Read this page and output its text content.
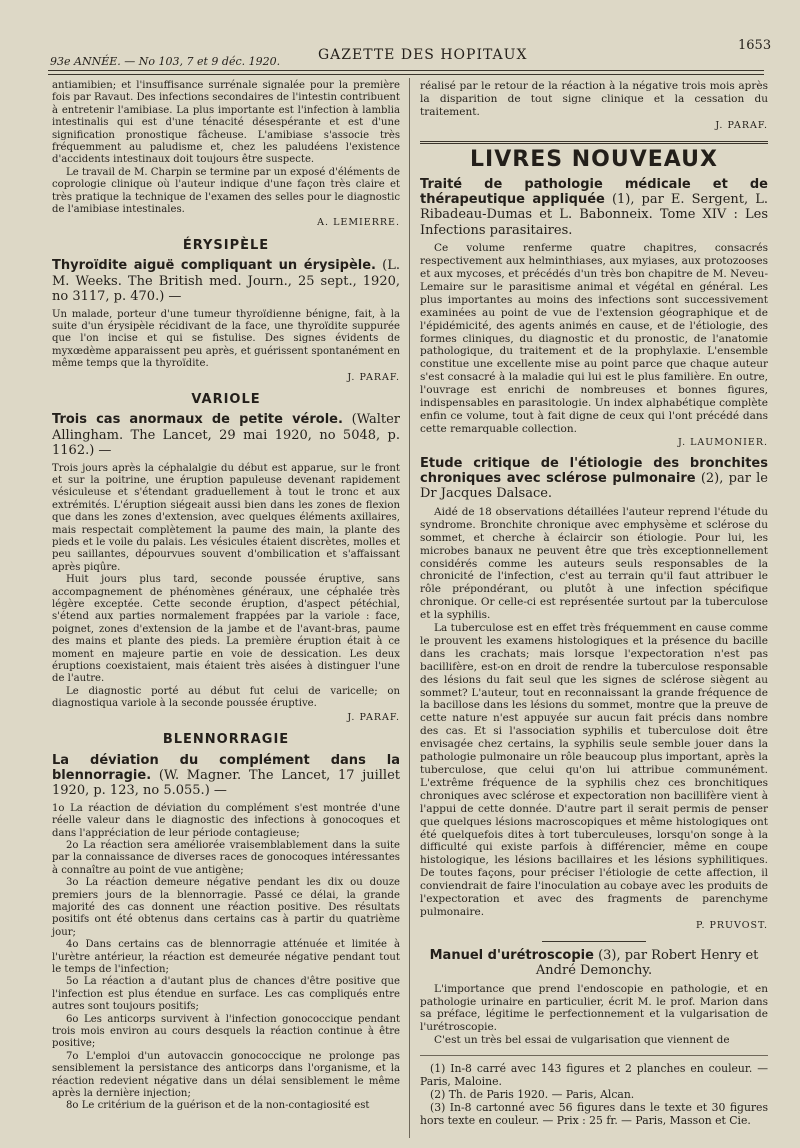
93e ANNÉE. — No 103, 7 et 9 déc. 1920.	GAZETTE DES HOPITAUX
1653

antiamibien; et l'insuffisance surrénale signalée pour la première fois par Ravaut. Des infections secondaires de l'intestin contribuent à entretenir l'amibiase. La plus importante est l'infection à lamblia intestinalis qui est d'une ténacité désespérante et est d'une signification pronostique fâcheuse. L'amibiase s'associe très fréquemment au paludisme et, chez les paludéens l'existence d'accidents intestinaux doit toujours être suspecte.

Le travail de M. Charpin se termine par un exposé d'éléments de coprologie clinique où l'auteur indique d'une façon très claire et très pratique la technique de l'examen des selles pour le diagnostic de l'amibiase intestinales.

A. LEMIERRE.
ÉRYSIPÈLE

Thyroïdite aiguë compliquant un érysipèle. (L. M. Weeks. The British med. Journ., 25 sept., 1920, no 3117, p. 470.) —

Un malade, porteur d'une tumeur thyroïdienne bénigne, fait, à la suite d'un érysipèle récidivant de la face, une thyroïdite suppurée que l'on incise et qui se fistulise. Des signes évidents de myxœdème apparaissent peu après, et guérissent spontanément en même temps que la thyroïdite.

J. PARAF.
VARIOLE

Trois cas anormaux de petite vérole. (Walter Allingham. The Lancet, 29 mai 1920, no 5048, p. 1162.) —

Trois jours après la céphalalgie du début est apparue, sur le front et sur la poitrine, une éruption papuleuse devenant rapidement vésiculeuse et s'étendant graduellement à tout le tronc et aux extrémités. L'éruption siégeait aussi bien dans les zones de flexion que dans les zones d'extension, avec quelques éléments axillaires, mais respectait complètement la paume des main, la plante des pieds et le voile du palais. Les vésicules étaient discrètes, molles et peu saillantes, dépourvues souvent d'ombilication et s'affaissant après piqûre.

Huit jours plus tard, seconde poussée éruptive, sans accompagnement de phénomènes généraux, une céphalée très légère exceptée. Cette seconde éruption, d'aspect pétéchial, s'étend aux parties normalement frappées par la variole : face, poignet, zones d'extension de la jambe et de l'avant-bras, paume des mains et plante des pieds. La première éruption était à ce moment en majeure partie en voie de dessication. Les deux éruptions coexistaient, mais étaient très aisées à distinguer l'une de l'autre.

Le diagnostic porté au début fut celui de varicelle; on diagnostiqua variole à la seconde poussée éruptive.

J. PARAF.
BLENNORRAGIE

La déviation du complément dans la blennorragie. (W. Magner. The Lancet, 17 juillet 1920, p. 123, no 5.055.) —

1o La réaction de déviation du complément s'est montrée d'une réelle valeur dans le diagnostic des infections à gonocoques et dans l'appréciation de leur période contagieuse;

2o La réaction sera améliorée vraisemblablement dans la suite par la connaissance de diverses races de gonocoques intéressantes à connaître au point de vue antigène;

3o La réaction demeure négative pendant les dix ou douze premiers jours de la blennorragie. Passé ce délai, la grande majorité des cas donnent une réaction positive. Des résultats positifs ont été obtenus dans certains cas à partir du quatrième jour;

4o Dans certains cas de blennorragie atténuée et limitée à l'urètre antérieur, la réaction est demeurée négative pendant tout le temps de l'infection;

5o La réaction a d'autant plus de chances d'être positive que l'infection est plus étendue en surface. Les cas compliqués entre autres sont toujours positifs;

6o Les anticorps survivent à l'infection gonococcique pendant trois mois environ au cours desquels la réaction continue à être positive;

7o L'emploi d'un autovaccin gonococcique ne prolonge pas sensiblement la persistance des anticorps dans l'organisme, et la réaction redevient négative dans un délai sensiblement le même après la dernière injection;

8o Le critérium de la guérison et de la non-contagiosité est

réalisé par le retour de la réaction à la négative trois mois après la disparition de tout signe clinique et la cessation du traitement.

J. PARAF.
LIVRES NOUVEAUX

Traité de pathologie médicale et de thérapeutique appliquée (1), par E. Sergent, L. Ribadeau-Dumas et L. Babonneix. Tome XIV : Les Infections parasitaires.

Ce volume renferme quatre chapitres, consacrés respectivement aux helminthiases, aux myiases, aux protozooses et aux mycoses, et précédés d'un très bon chapitre de M. Neveu-Lemaire sur le parasitisme animal et végétal en général. Les plus importantes au moins des infections sont successivement examinées au point de vue de l'extension géographique et de l'épidémicité, des agents animés en cause, et de l'étiologie, des formes cliniques, du diagnostic et du pronostic, de l'anatomie pathologique, du traitement et de la prophylaxie. L'ensemble constitue une excellente mise au point parce que chaque auteur s'est consacré à la maladie qui lui est le plus familière. En outre, l'ouvrage est enrichi de nombreuses et bonnes figures, indispensables en parasitologie. Un index alphabétique complète enfin ce volume, tout à fait digne de ceux qui l'ont précédé dans cette remarquable collection.

J. LAUMONIER.

Etude critique de l'étiologie des bronchites chroniques avec sclérose pulmonaire (2), par le Dr Jacques Dalsace.

Aidé de 18 observations détaillées l'auteur reprend l'étude du syndrome. Bronchite chronique avec emphysème et sclérose du sommet, et cherche à éclaircir son étiologie. Pour lui, les microbes banaux ne peuvent être que très exceptionnellement considérés comme les auteurs seuls responsables de la chronicité de l'infection, c'est au terrain qu'il faut attribuer le rôle prépondérant, ou plutôt à une infection spécifique chronique. Or celle-ci est représentée surtout par la tuberculose et la syphilis.

La tuberculose est en effet très fréquemment en cause comme le prouvent les examens histologiques et la présence du bacille dans les crachats; mais lorsque l'expectoration n'est pas bacillifère, est-on en droit de rendre la tuberculose responsable des lésions du fait seul que les signes de sclérose siègent au sommet? L'auteur, tout en reconnaissant la grande fréquence de la bacillose dans les lésions du sommet, montre que la preuve de cette nature n'est appuyée sur aucun fait précis dans nombre des cas. Et si l'association syphilis et tuberculose doit être envisagée chez certains, la syphilis seule semble jouer dans la pathologie pulmonaire un rôle beaucoup plus important, après la tuberculose, que celui qu'on lui attribue communément. L'extrême fréquence de la syphilis chez ces bronchitiques chroniques avec sclérose et expectoration non bacillifère vient à l'appui de cette donnée. D'autre part il serait permis de penser que quelques lésions macroscopiques et même histologiques ont été quelquefois dites à tort tuberculeuses, lorsqu'on songe à la difficulté qui existe parfois à différencier, même en coupe histologique, les lésions bacillaires et les lésions syphilitiques. De toutes façons, pour préciser l'étiologie de cette affection, il conviendrait de faire l'inoculation au cobaye avec les produits de l'expectoration et avec des fragments de parenchyme pulmonaire.

P. PRUVOST.

Manuel d'urétroscopie (3), par Robert Henry et André Demonchy.

L'importance que prend l'endoscopie en pathologie, et en pathologie urinaire en particulier, écrit M. le prof. Marion dans sa préface, légitime le perfectionnement et la vulgarisation de l'urétroscopie.

C'est un très bel essai de vulgarisation que viennent de

(1) In-8 carré avec 143 figures et 2 planches en couleur. — Paris, Maloine.

(2) Th. de Paris 1920. — Paris, Alcan.

(3) In-8 cartonné avec 56 figures dans le texte et 30 figures hors texte en couleur. — Prix : 25 fr. — Paris, Masson et Cie.
